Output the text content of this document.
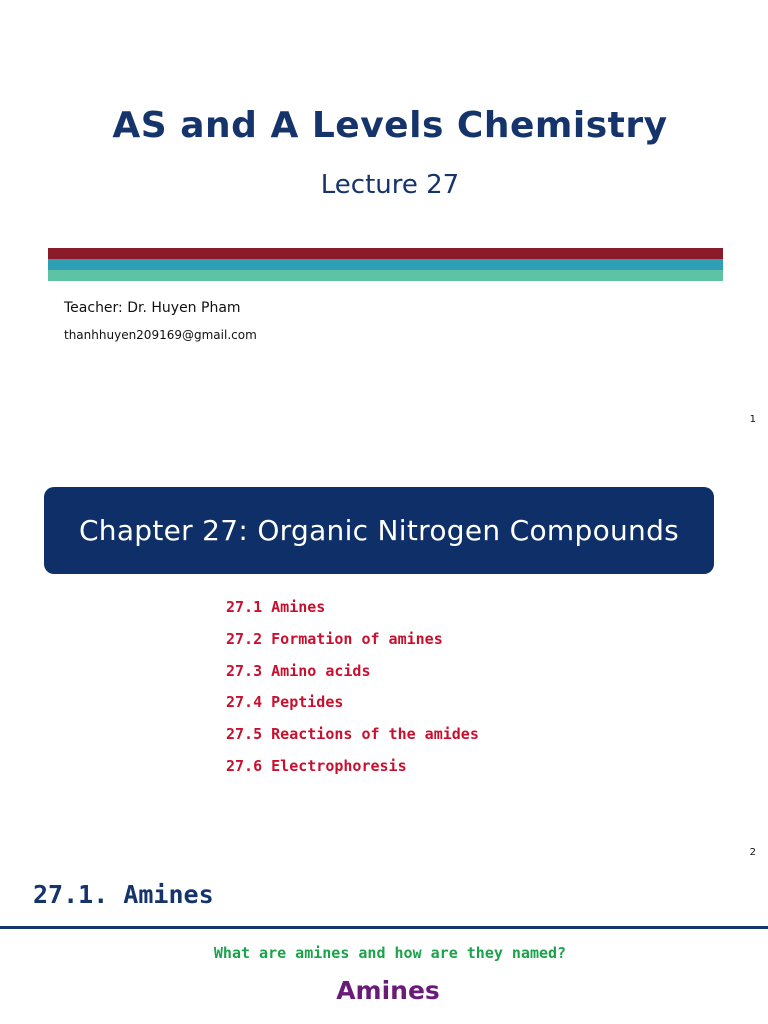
AS and A Levels Chemistry
Lecture 27
Teacher: Dr. Huyen Pham
thanhhuyen209169@gmail.com
1
Chapter 27: Organic Nitrogen Compounds
27.1 Amines
27.2 Formation of amines
27.3 Amino acids
27.4 Peptides
27.5 Reactions of the amides
27.6 Electrophoresis
2
27.1. Amines
What are amines and how are they named?
Amines
